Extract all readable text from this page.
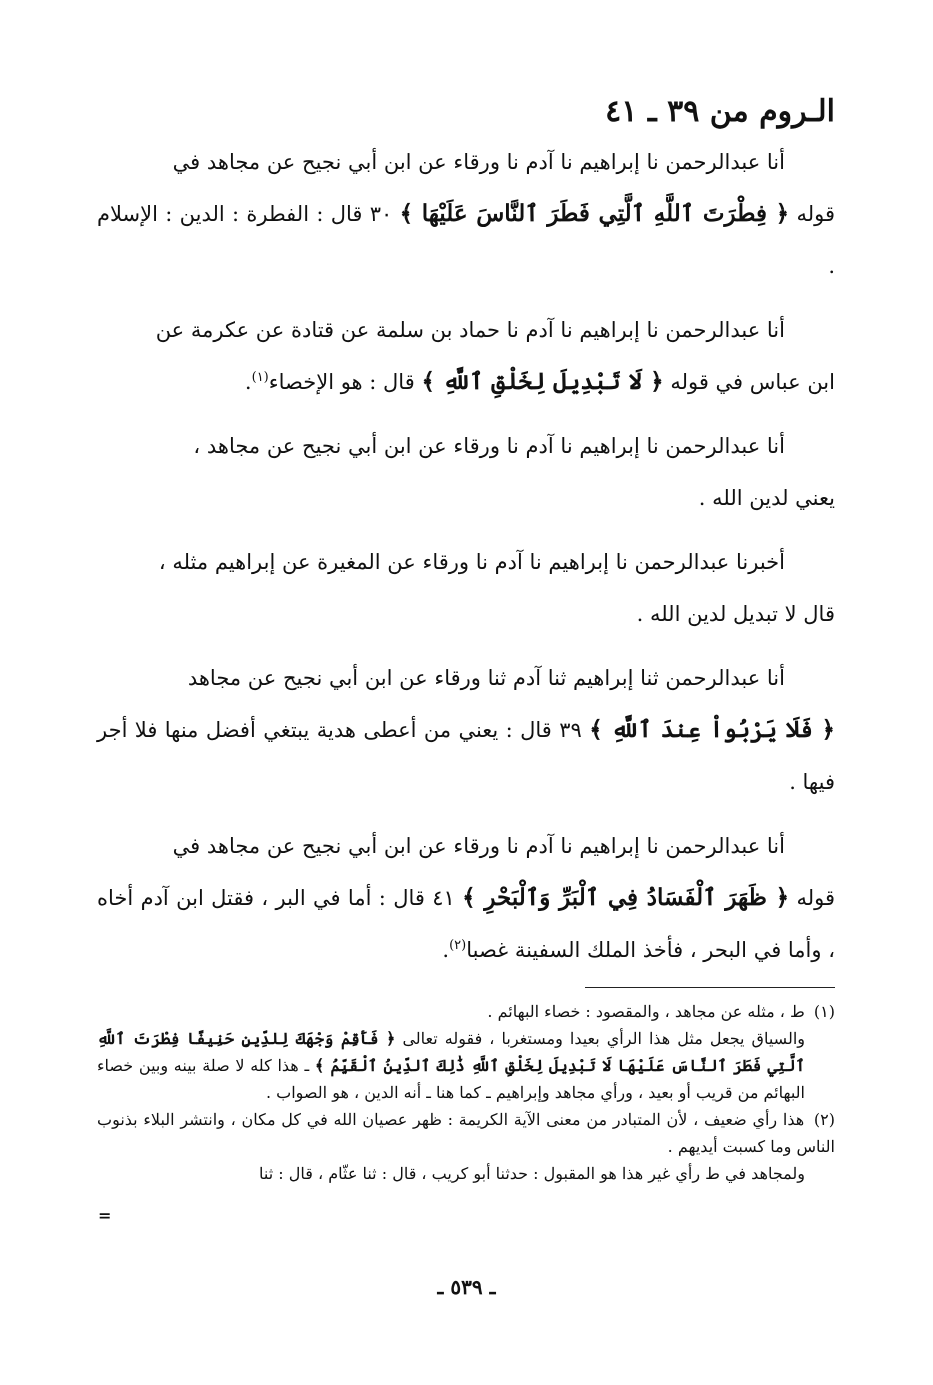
الـروم من ٣٩ ـ ٤١

أنا عبدالرحمن نا إبراهيم نا آدم نا ورقاء عن ابن أبي نجيح عن مجاهد في
قوله ﴿ فِطْرَتَ ٱللَّهِ ٱلَّتِي فَطَرَ ٱلنَّاسَ عَلَيْهَا ﴾ ٣٠ قال : الفطرة : الدين : الإسلام .

أنا عبدالرحمن نا إبراهيم نا آدم نا حماد بن سلمة عن قتادة عن عكرمة عن
ابن عباس في قوله ﴿ لَا تَبْدِيلَ لِخَلْقِ ٱللَّهِ ﴾ قال : هو الإخصاء$^{(١)}$.

أنا عبدالرحمن نا إبراهيم نا آدم نا ورقاء عن ابن أبي نجيح عن مجاهد ،
يعني لدين الله .

أخبرنا عبدالرحمن نا إبراهيم نا آدم نا ورقاء عن المغيرة عن إبراهيم مثله ،
قال لا تبديل لدين الله .

أنا عبدالرحمن ثنا إبراهيم ثنا آدم ثنا ورقاء عن ابن أبي نجيح عن مجاهد
﴿ فَلَا يَرْبُواْ عِندَ ٱللَّهِ ﴾ ٣٩ قال : يعني من أعطى هدية يبتغي أفضل منها فلا أجر فيها .

أنا عبدالرحمن نا إبراهيم نا آدم نا ورقاء عن ابن أبي نجيح عن مجاهد في
قوله ﴿ ظَهَرَ ٱلْفَسَادُ فِي ٱلْبَرِّ وَٱلْبَحْرِ ﴾ ٤١ قال : أما في البر ، فقتل ابن آدم أخاه ، وأما في البحر ، فأخذ الملك السفينة غصبا$^{(٢)}$.

(١) ط ، مثله عن مجاهد ، والمقصود : خصاء البهائم .
والسياق يجعل مثل هذا الرأي بعيدا ومستغربا ، فقوله تعالى ﴿ فَأَقِمْ وَجْهَكَ لِلدِّينِ حَنِيفًا فِطْرَتَ ٱللَّهِ ٱلَّتِي فَطَرَ ٱلنَّاسَ عَلَيْهَا لَا تَبْدِيلَ لِخَلْقِ ٱللَّهِ ذَٰلِكَ ٱلدِّينُ ٱلْقَيِّمُ ﴾ ـ هذا كله لا صلة بينه وبين خصاء البهائم من قريب أو بعيد ، ورأي مجاهد وإبراهيم ـ كما هنا ـ أنه الدين ، هو الصواب .

(٢) هذا رأي ضعيف ، لأن المتبادر من معنى الآية الكريمة : ظهر عصيان الله في كل مكان ، وانتشر البلاء بذنوب الناس وما كسبت أيديهم .
ولمجاهد في ط رأي غير هذا هو المقبول : حدثنا أبو كريب ، قال : ثنا عثّام ، قال : ثنا

=
ـ ٥٣٩ ـ
